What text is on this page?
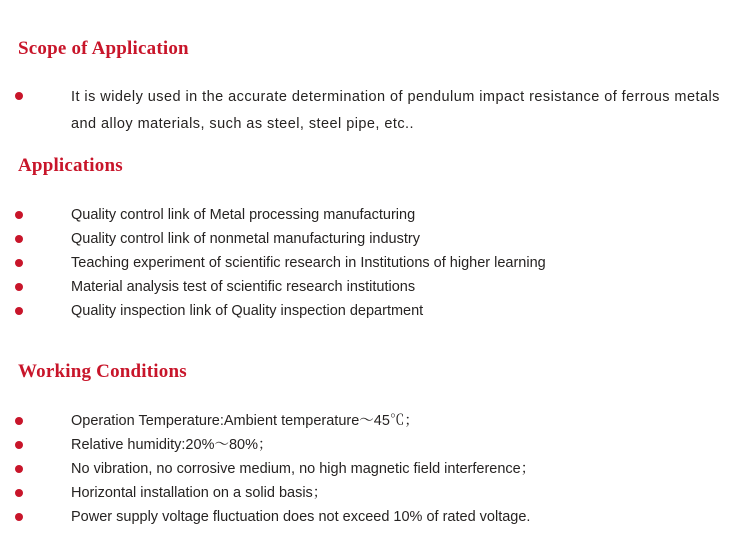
Scope of Application
It is widely used in the accurate determination of pendulum impact resistance of ferrous metals and alloy materials, such as steel, steel pipe, etc..
Applications
Quality control link of Metal processing manufacturing
Quality control link of nonmetal manufacturing industry
Teaching experiment of scientific research in Institutions of higher learning
Material analysis test of scientific research institutions
Quality inspection link of Quality inspection department
Working Conditions
Operation Temperature:Ambient temperature～45℃；
Relative humidity:20%～80%；
No vibration, no corrosive medium, no high magnetic field interference；
Horizontal installation on a solid basis；
Power supply voltage fluctuation does not exceed 10% of rated voltage.
